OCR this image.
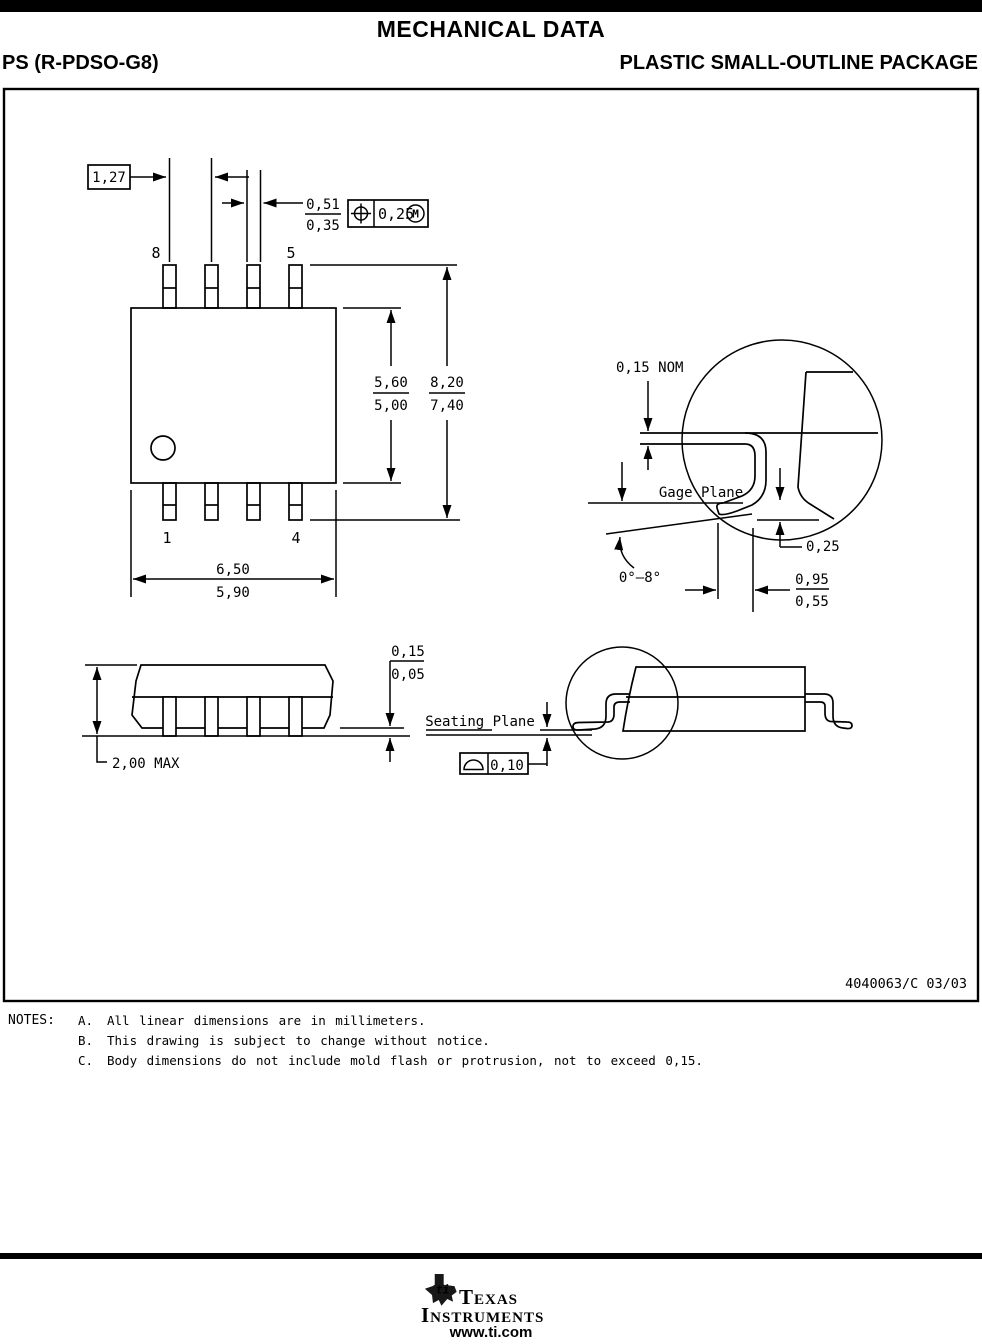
MECHANICAL DATA
PS (R-PDSO-G8)	PLASTIC SMALL-OUTLINE PACKAGE
8	5
1	4
1,27
0,51
0,35
0,25
M
5,60
5,00
8,20
7,40
6,50
5,90
Gage Plane
0,15 NOM
0°–8°
0,25
0,95
0,55
2,00 MAX
0,15
0,05
Seating Plane
0,10
4040063/C 03/03
NOTES: A. All linear dimensions are in millimeters.
B. This drawing is subject to change without notice.
C. Body dimensions do not include mold flash or protrusion, not to exceed 0,15.
ti Texas
Instruments
www.ti.com
